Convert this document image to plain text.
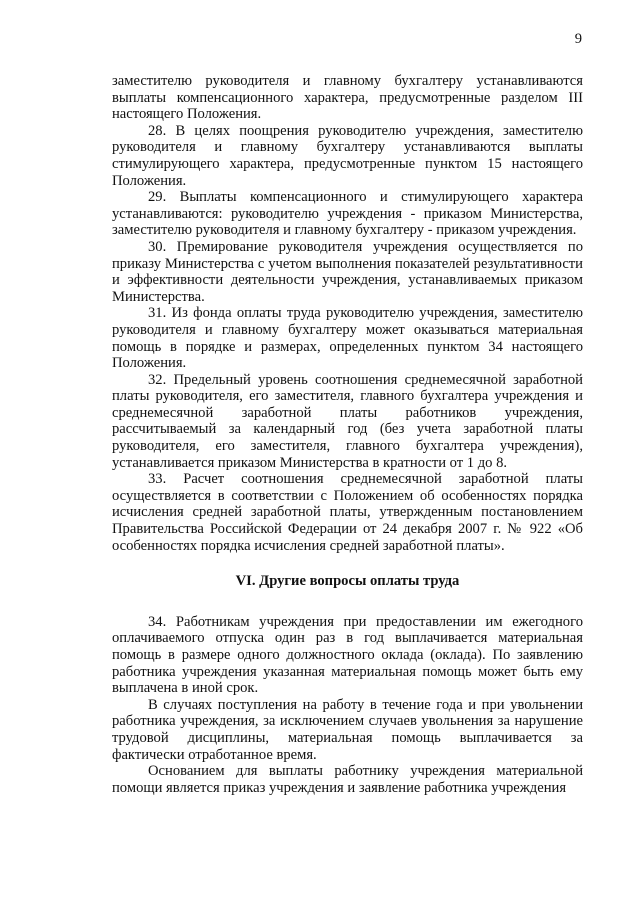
9

заместителю руководителя и главному бухгалтеру устанавливаются выплаты компенсационного характера, предусмотренные разделом III настоящего Положения.

28. В целях поощрения руководителю учреждения, заместителю руководителя и главному бухгалтеру устанавливаются выплаты стимулирующего характера, предусмотренные пунктом 15 настоящего Положения.

29. Выплаты компенсационного и стимулирующего характера устанавливаются: руководителю учреждения - приказом Министерства, заместителю руководителя и главному бухгалтеру - приказом учреждения.

30. Премирование руководителя учреждения осуществляется по приказу Министерства с учетом выполнения показателей результативности и эффективности деятельности учреждения, устанавливаемых приказом Министерства.

31. Из фонда оплаты труда руководителю учреждения, заместителю руководителя и главному бухгалтеру может оказываться материальная помощь в порядке и размерах, определенных пунктом 34 настоящего Положения.

32. Предельный уровень соотношения среднемесячной заработной платы руководителя, его заместителя, главного бухгалтера учреждения и среднемесячной заработной платы работников учреждения, рассчитываемый за календарный год (без учета заработной платы руководителя, его заместителя, главного бухгалтера учреждения), устанавливается приказом Министерства в кратности от 1 до 8.

33. Расчет соотношения среднемесячной заработной платы осуществляется в соответствии с Положением об особенностях порядка исчисления средней заработной платы, утвержденным постановлением Правительства Российской Федерации от 24 декабря 2007 г. № 922 «Об особенностях порядка исчисления средней заработной платы».

VI. Другие вопросы оплаты труда

34. Работникам учреждения при предоставлении им ежегодного оплачиваемого отпуска один раз в год выплачивается материальная помощь в размере одного должностного оклада (оклада). По заявлению работника учреждения указанная материальная помощь может быть ему выплачена в иной срок.

В случаях поступления на работу в течение года и при увольнении работника учреждения, за исключением случаев увольнения за нарушение трудовой дисциплины, материальная помощь выплачивается за фактически отработанное время.

Основанием для выплаты работнику учреждения материальной помощи является приказ учреждения и заявление работника учреждения
